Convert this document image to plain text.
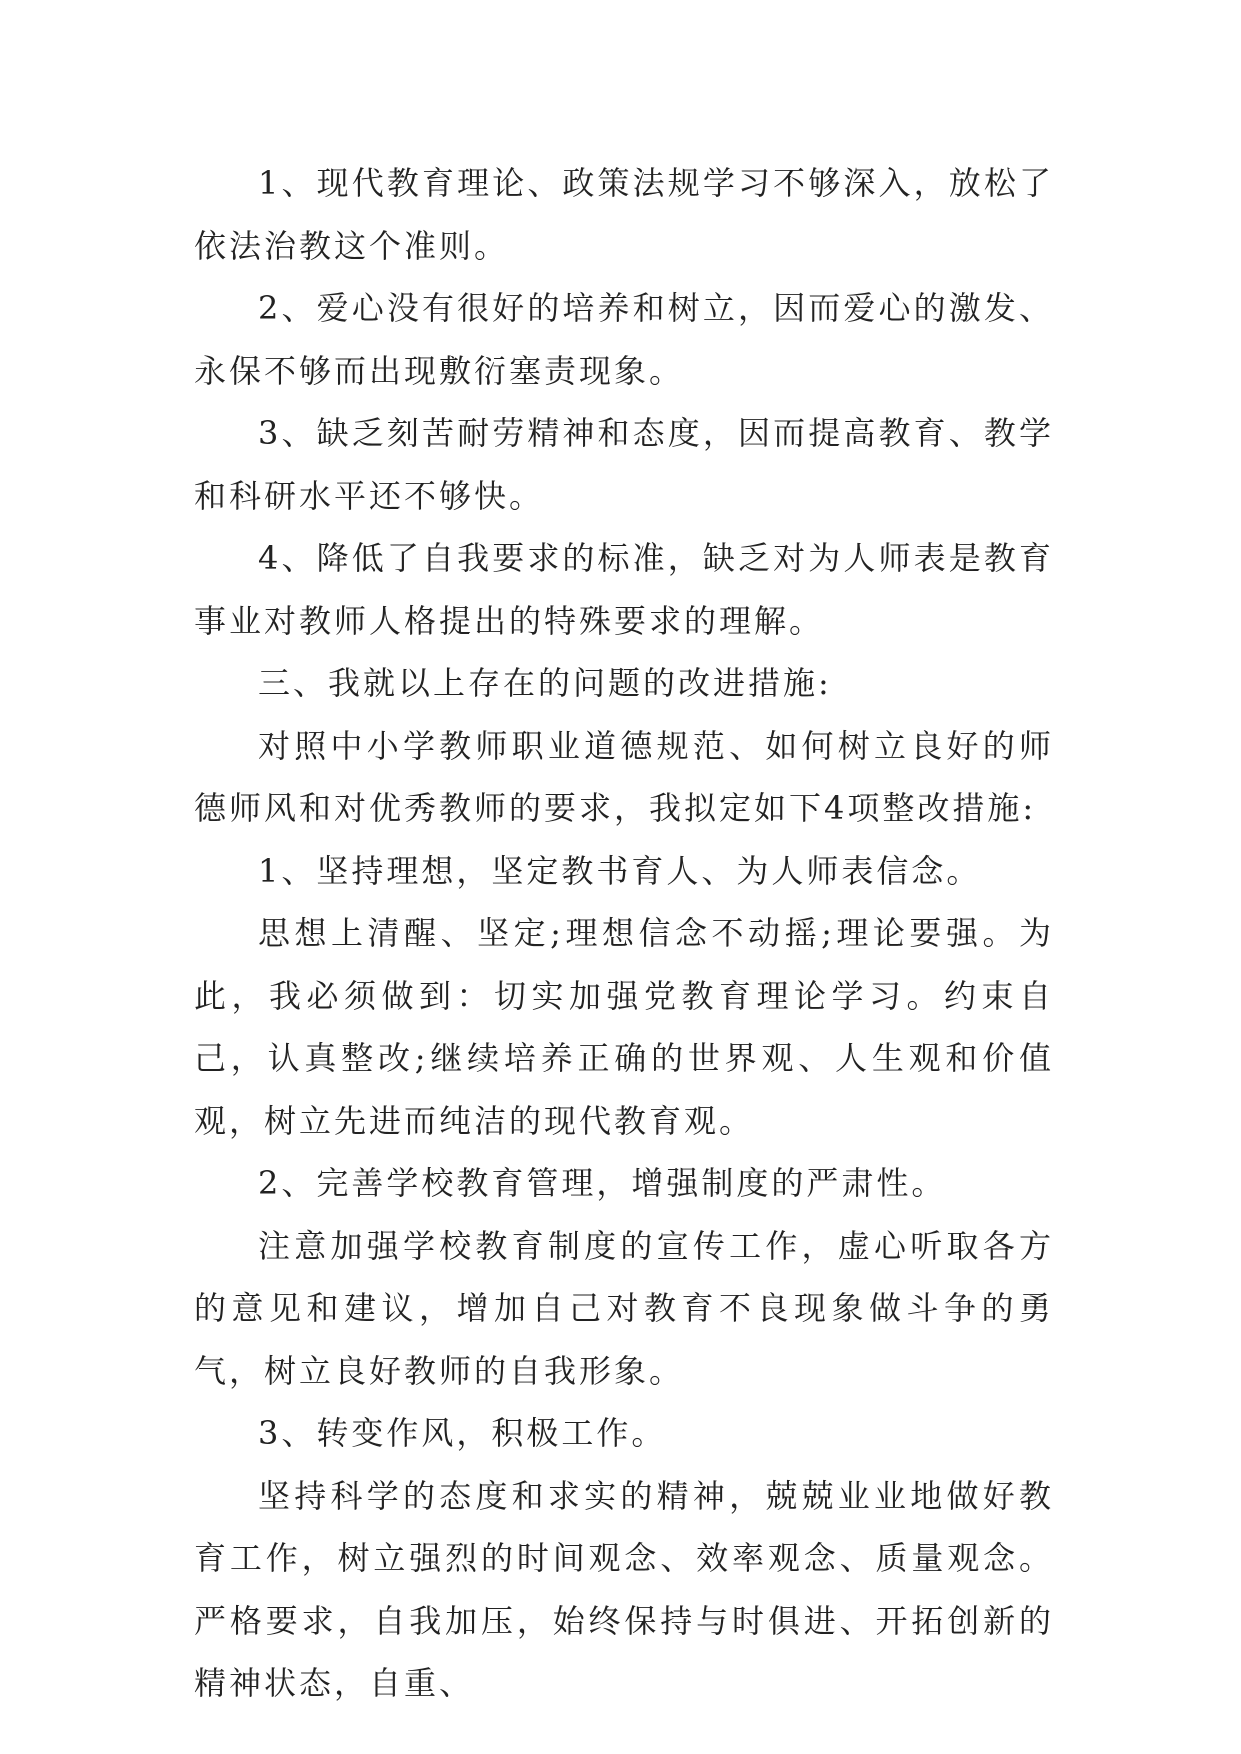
1、现代教育理论、政策法规学习不够深入，放松了依法治教这个准则。

2、爱心没有很好的培养和树立，因而爱心的激发、永保不够而出现敷衍塞责现象。

3、缺乏刻苦耐劳精神和态度，因而提高教育、教学和科研水平还不够快。

4、降低了自我要求的标准，缺乏对为人师表是教育事业对教师人格提出的特殊要求的理解。

三、我就以上存在的问题的改进措施:

对照中小学教师职业道德规范、如何树立良好的师德师风和对优秀教师的要求，我拟定如下4项整改措施:

1、坚持理想，坚定教书育人、为人师表信念。

思想上清醒、坚定;理想信念不动摇;理论要强。为此，我必须做到：切实加强党教育理论学习。约束自己，认真整改;继续培养正确的世界观、人生观和价值观，树立先进而纯洁的现代教育观。

2、完善学校教育管理，增强制度的严肃性。

注意加强学校教育制度的宣传工作，虚心听取各方的意见和建议，增加自己对教育不良现象做斗争的勇气，树立良好教师的自我形象。

3、转变作风，积极工作。

坚持科学的态度和求实的精神，兢兢业业地做好教育工作，树立强烈的时间观念、效率观念、质量观念。严格要求，自我加压，始终保持与时俱进、开拓创新的精神状态，自重、
